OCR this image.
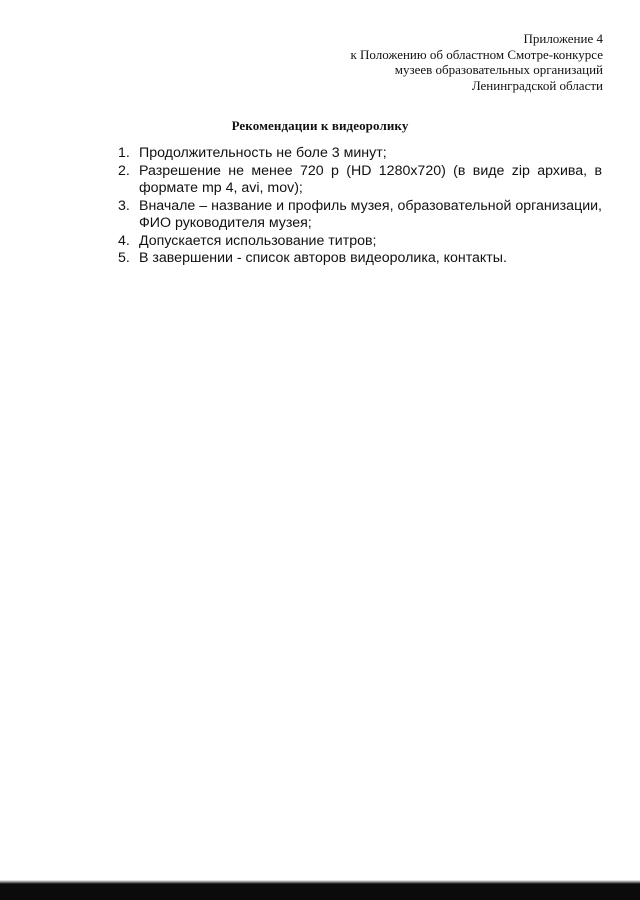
Приложение 4
к Положению об областном Смотре-конкурсе
музеев образовательных организаций
Ленинградской области
Рекомендации к видеоролику
1. Продолжительность не боле 3 минут;
2. Разрешение не менее 720 р (HD 1280х720) (в виде zip архива, в формате mp 4, avi, mov);
3. Вначале – название и профиль музея, образовательной организации, ФИО руководителя музея;
4. Допускается использование титров;
5. В завершении - список авторов видеоролика, контакты.
